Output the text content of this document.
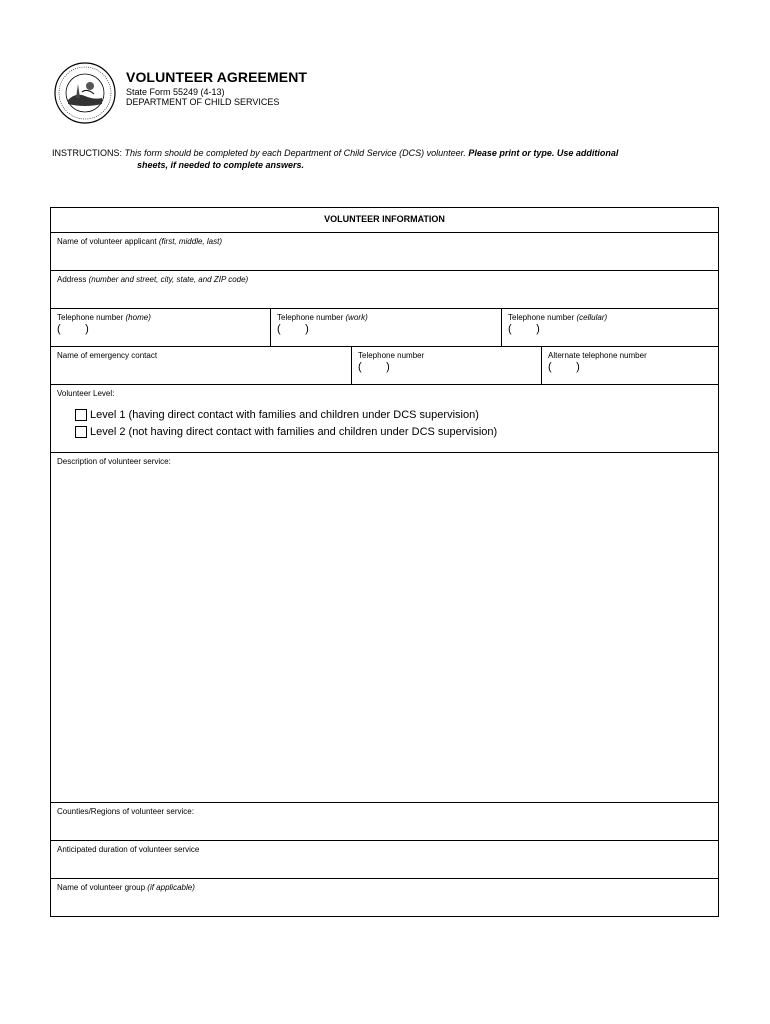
VOLUNTEER AGREEMENT
State Form 55249 (4-13)
DEPARTMENT OF CHILD SERVICES
INSTRUCTIONS: This form should be completed by each Department of Child Service (DCS) volunteer. Please print or type. Use additional
sheets, if needed to complete answers.
VOLUNTEER INFORMATION
Name of volunteer applicant (first, middle, last)
Address (number and street, city, state, and ZIP code)
Telephone number (home)
(        )
Telephone number (work)
(        )
Telephone number (cellular)
(        )
Name of emergency contact	Telephone number
(        )
Alternate telephone number
(        )
Volunteer Level:
Level 1 (having direct contact with families and children under DCS supervision)
Level 2 (not having direct contact with families and children under DCS supervision)
Description of volunteer service:
Counties/Regions of volunteer service:
Anticipated duration of volunteer service
Name of volunteer group (if applicable)
